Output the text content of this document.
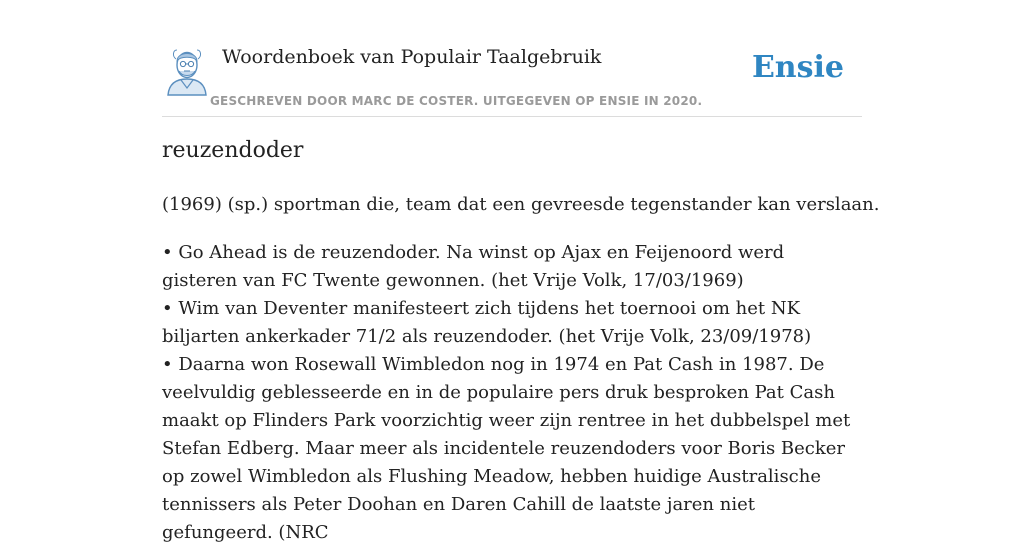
Woordenboek van Populair Taalgebruik
GESCHREVEN DOOR MARC DE COSTER. UITGEGEVEN OP ENSIE IN 2020.
Ensie
reuzendoder
(1969) (sp.) sportman die, team dat een gevreesde tegenstander kan verslaan.

• Go Ahead is de reuzendoder. Na winst op Ajax en Feijenoord werd gisteren van FC Twente gewonnen. (het Vrije Volk, 17/03/1969)

• Wim van Deventer manifesteert zich tijdens het toernooi om het NK biljarten ankerkader 71/2 als reuzendoder. (het Vrije Volk, 23/09/1978)

• Daarna won Rosewall Wimbledon nog in 1974 en Pat Cash in 1987. De veelvuldig geblesseerde en in de populaire pers druk besproken Pat Cash maakt op Flinders Park voorzichtig weer zijn rentree in het dubbelspel met Stefan Edberg. Maar meer als incidentele reuzendoders voor Boris Becker op zowel Wimbledon als Flushing Meadow, hebben huidige Australische tennissers als Peter Doohan en Daren Cahill de laatste jaren niet gefungeerd. (NRC
